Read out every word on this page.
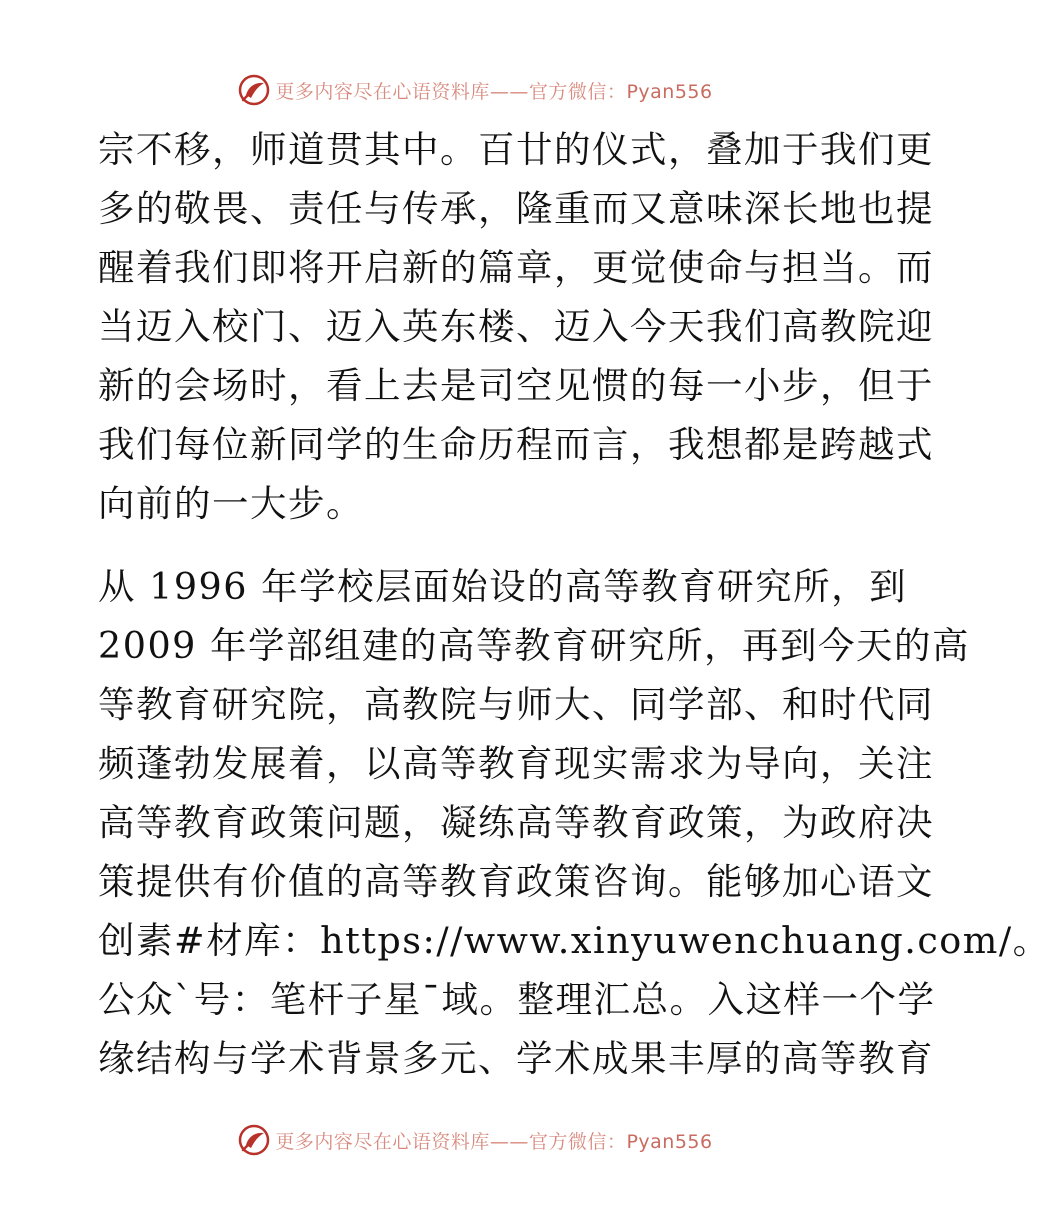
更多内容尽在心语资料库——官方微信：Pyan556
宗不移，师道贯其中。百廿的仪式，叠加于我们更
多的敬畏、责任与传承，隆重而又意味深长地也提
醒着我们即将开启新的篇章，更觉使命与担当。而
当迈入校门、迈入英东楼、迈入今天我们高教院迎
新的会场时，看上去是司空见惯的每一小步，但于
我们每位新同学的生命历程而言，我想都是跨越式
向前的一大步。
从 1996 年学校层面始设的高等教育研究所，到
2009 年学部组建的高等教育研究所，再到今天的高
等教育研究院，高教院与师大、同学部、和时代同
频蓬勃发展着，以高等教育现实需求为导向，关注
高等教育政策问题，凝练高等教育政策，为政府决
策提供有价值的高等教育政策咨询。能够加心语文
创素#材库：https://www.xinyuwenchuang.com/。
公众`号：笔杆子星¯域。整理汇总。入这样一个学
缘结构与学术背景多元、学术成果丰厚的高等教育
更多内容尽在心语资料库——官方微信：Pyan556
